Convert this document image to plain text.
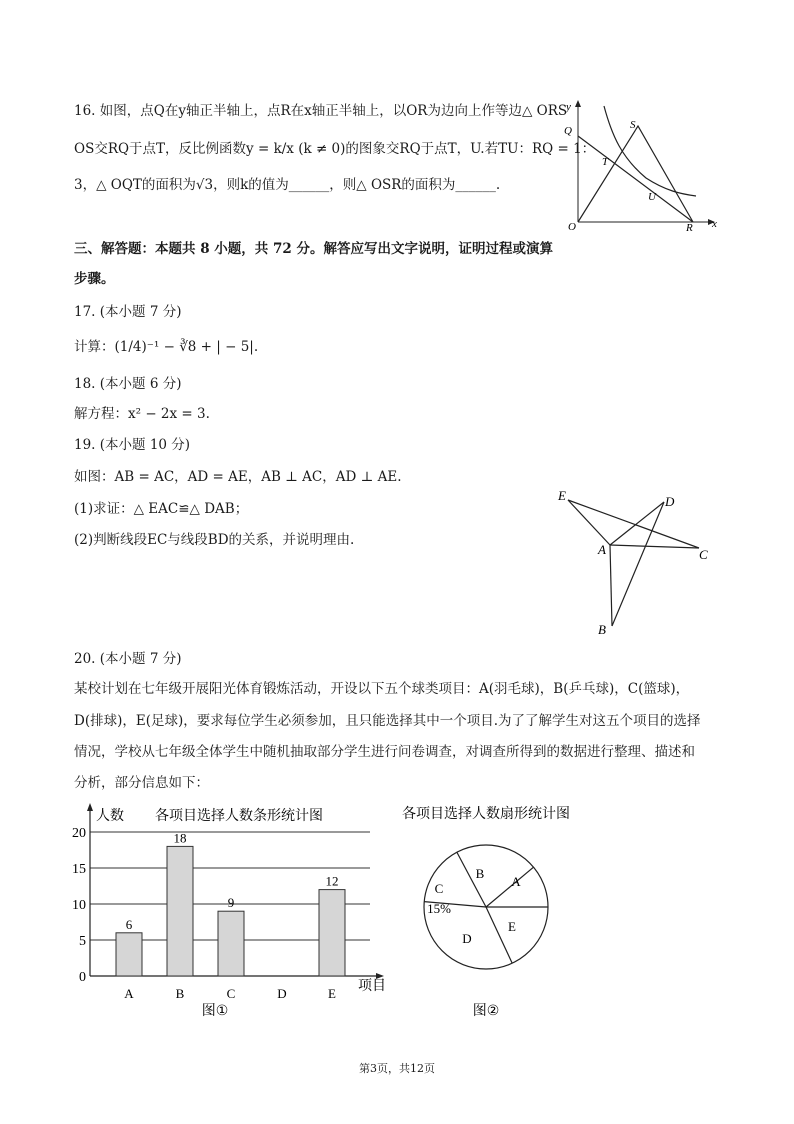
16. 如图，点Q在y轴正半轴上，点R在x轴正半轴上，以OR为边向上作等边△ ORS
OS交RQ于点T，反比例函数y = k/x (k ≠ 0)的图象交RQ于点T，U.若TU：RQ = 1：
3，△ OQT的面积为√3，则k的值为______，则△ OSR的面积为______.
y
Q	S
T
U
O	R x
三、解答题：本题共 8 小题，共 72 分。解答应写出文字说明，证明过程或演算
步骤。
17. (本小题 7 分)
计算：(1/4)⁻¹ − ∛8 + | − 5|.
18. (本小题 6 分)
解方程：x² − 2x = 3.
19. (本小题 10 分)
如图：AB = AC，AD = AE，AB ⊥ AC，AD ⊥ AE.
(1)求证：△ EAC≌△ DAB；
(2)判断线段EC与线段BD的关系，并说明理由.
E	D
A	C
B
20. (本小题 7 分)
某校计划在七年级开展阳光体育锻炼活动，开设以下五个球类项目：A(羽毛球)，B(乒乓球)，C(篮球)，
D(排球)，E(足球)，要求每位学生必须参加，且只能选择其中一个项目.为了了解学生对这五个项目的选择
情况，学校从七年级全体学生中随机抽取部分学生进行问卷调查，对调查所得到的数据进行整理、描述和
分析，部分信息如下：
0
5
10
15
20
人数 各项目选择人数条形统计图
项目
6
A
18
B
9
C	D
12
E
图①
各项目选择人数扇形统计图
A
B
C
D
E
15%
图②
第3页，共12页
